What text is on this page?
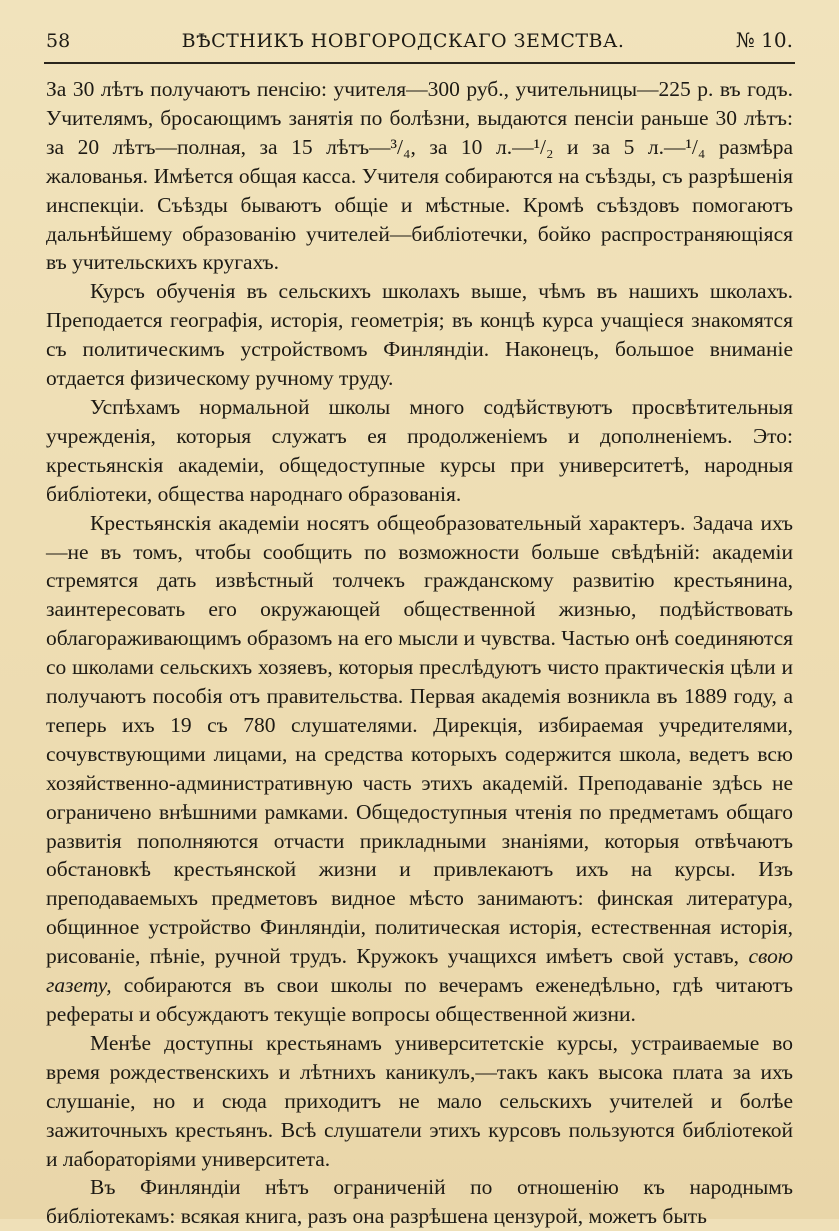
58	ВѢСТНИКЪ НОВГОРОДСКАГО ЗЕМСТВА.	№ 10.

За 30 лѣтъ получаютъ пенсію: учителя—300 руб., учительницы—225 р. въ годъ. Учителямъ, бросающимъ занятія по болѣзни, выдаются пенсіи раньше 30 лѣтъ: за 20 лѣтъ—полная, за 15 лѣтъ—³/₄, за 10 л.—¹/₂ и за 5 л.—¹/₄ размѣра жалованья. Имѣется общая касса. Учителя собираются на съѣзды, съ разрѣшенія инспекціи. Съѣзды бываютъ общіе и мѣстные. Кромѣ съѣздовъ помогаютъ дальнѣйшему образованію учителей—библіотечки, бойко распространяющіяся въ учительскихъ кругахъ.

Курсъ обученія въ сельскихъ школахъ выше, чѣмъ въ нашихъ школахъ. Преподается географія, исторія, геометрія; въ концѣ курса учащіеся знакомятся съ политическимъ устройствомъ Финляндіи. Наконецъ, большое вниманіе отдается физическому ручному труду.

Успѣхамъ нормальной школы много содѣйствуютъ просвѣтительныя учрежденія, которыя служатъ ея продолженіемъ и дополненіемъ. Это: крестьянскія академіи, общедоступные курсы при университетѣ, народныя библіотеки, общества народнаго образованія.

Крестьянскія академіи носятъ общеобразовательный характеръ. Задача ихъ—не въ томъ, чтобы сообщить по возможности больше свѣдѣній: академіи стремятся дать извѣстный толчекъ гражданскому развитію крестьянина, заинтересовать его окружающей общественной жизнью, подѣйствовать облагораживающимъ образомъ на его мысли и чувства. Частью онѣ соединяются со школами сельскихъ хозяевъ, которыя преслѣдуютъ чисто практическія цѣли и получаютъ пособія отъ правительства. Первая академія возникла въ 1889 году, а теперь ихъ 19 съ 780 слушателями. Дирекція, избираемая учредителями, сочувствующими лицами, на средства которыхъ содержится школа, ведетъ всю хозяйственно-административную часть этихъ академій. Преподаваніе здѣсь не ограничено внѣшними рамками. Общедоступныя чтенія по предметамъ общаго развитія пополняются отчасти прикладными знаніями, которыя отвѣчаютъ обстановкѣ крестьянской жизни и привлекаютъ ихъ на курсы. Изъ преподаваемыхъ предметовъ видное мѣсто занимаютъ: финская литература, общинное устройство Финляндіи, политическая исторія, естественная исторія, рисованіе, пѣніе, ручной трудъ. Кружокъ учащихся имѣетъ свой уставъ, свою газету, собираются въ свои школы по вечерамъ еженедѣльно, гдѣ читаютъ рефераты и обсуждаютъ текущіе вопросы общественной жизни.

Менѣе доступны крестьянамъ университетскіе курсы, устраиваемые во время рождественскихъ и лѣтнихъ каникулъ,—такъ какъ высока плата за ихъ слушаніе, но и сюда приходитъ не мало сельскихъ учителей и болѣе зажиточныхъ крестьянъ. Всѣ слушатели этихъ курсовъ пользуются библіотекой и лабораторіями университета.

Въ Финляндіи нѣтъ ограниченій по отношенію къ народнымъ библіотекамъ: всякая книга, разъ она разрѣшена цензурой, можетъ быть
